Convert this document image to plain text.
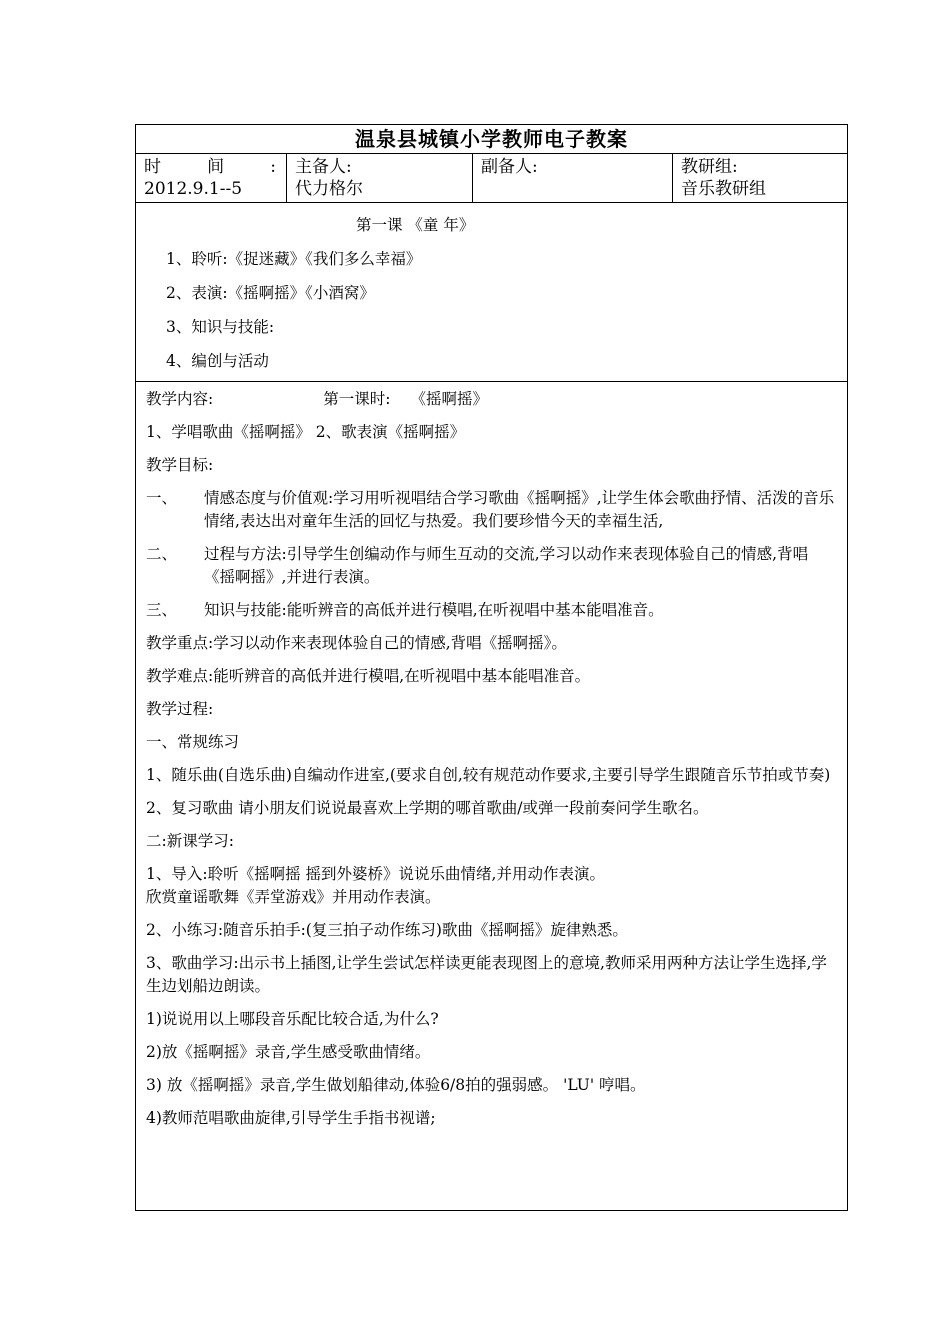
温泉县城镇小学教师电子教案
时	间	:
2012.9.1--5
主备人:
代力格尔
副备人:	教研组:
音乐教研组
第一课 《童 年》
1、聆听:《捉迷藏》《我们多么幸福》
2、表演:《摇啊摇》《小酒窝》
3、知识与技能:
4、编创与活动
教学内容:	第一课时: 《摇啊摇》
1、学唱歌曲《摇啊摇》 2、歌表演《摇啊摇》
教学目标:
一、	情感态度与价值观:学习用听视唱结合学习歌曲《摇啊摇》,让学生体会歌曲抒情、活泼的音乐情绪,表达出对童年生活的回忆与热爱。我们要珍惜今天的幸福生活,
二、	过程与方法:引导学生创编动作与师生互动的交流,学习以动作来表现体验自己的情感,背唱《摇啊摇》,并进行表演。
三、	知识与技能:能听辨音的高低并进行模唱,在听视唱中基本能唱准音。
教学重点:学习以动作来表现体验自己的情感,背唱《摇啊摇》。
教学难点:能听辨音的高低并进行模唱,在听视唱中基本能唱准音。
教学过程:
一、常规练习
1、随乐曲(自选乐曲)自编动作进室,(要求自创,较有规范动作要求,主要引导学生跟随音乐节拍或节奏)
2、复习歌曲 请小朋友们说说最喜欢上学期的哪首歌曲/或弹一段前奏问学生歌名。
二:新课学习:
1、导入:聆听《摇啊摇 摇到外婆桥》说说乐曲情绪,并用动作表演。
欣赏童谣歌舞《弄堂游戏》并用动作表演。
2、小练习:随音乐拍手:(复三拍子动作练习)歌曲《摇啊摇》旋律熟悉。
3、歌曲学习:出示书上插图,让学生尝试怎样读更能表现图上的意境,教师采用两种方法让学生选择,学生边划船边朗读。
1)说说用以上哪段音乐配比较合适,为什么?
2)放《摇啊摇》录音,学生感受歌曲情绪。
3) 放《摇啊摇》录音,学生做划船律动,体验6/8拍的强弱感。 'LU' 哼唱。
4)教师范唱歌曲旋律,引导学生手指书视谱;
